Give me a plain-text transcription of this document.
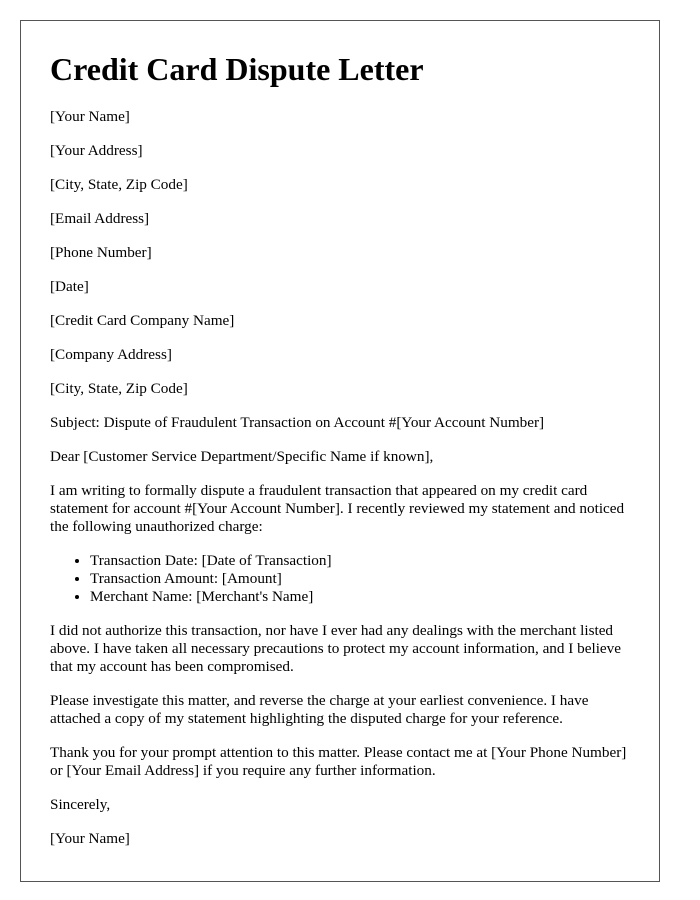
Credit Card Dispute Letter

[Your Name]

[Your Address]

[City, State, Zip Code]

[Email Address]

[Phone Number]

[Date]

[Credit Card Company Name]

[Company Address]

[City, State, Zip Code]

Subject: Dispute of Fraudulent Transaction on Account #[Your Account Number]

Dear [Customer Service Department/Specific Name if known],

I am writing to formally dispute a fraudulent transaction that appeared on my credit card statement for account #[Your Account Number]. I recently reviewed my statement and noticed the following unauthorized charge:

• Transaction Date: [Date of Transaction]
• Transaction Amount: [Amount]
• Merchant Name: [Merchant's Name]

I did not authorize this transaction, nor have I ever had any dealings with the merchant listed above. I have taken all necessary precautions to protect my account information, and I believe that my account has been compromised.

Please investigate this matter, and reverse the charge at your earliest convenience. I have attached a copy of my statement highlighting the disputed charge for your reference.

Thank you for your prompt attention to this matter. Please contact me at [Your Phone Number] or [Your Email Address] if you require any further information.

Sincerely,

[Your Name]
